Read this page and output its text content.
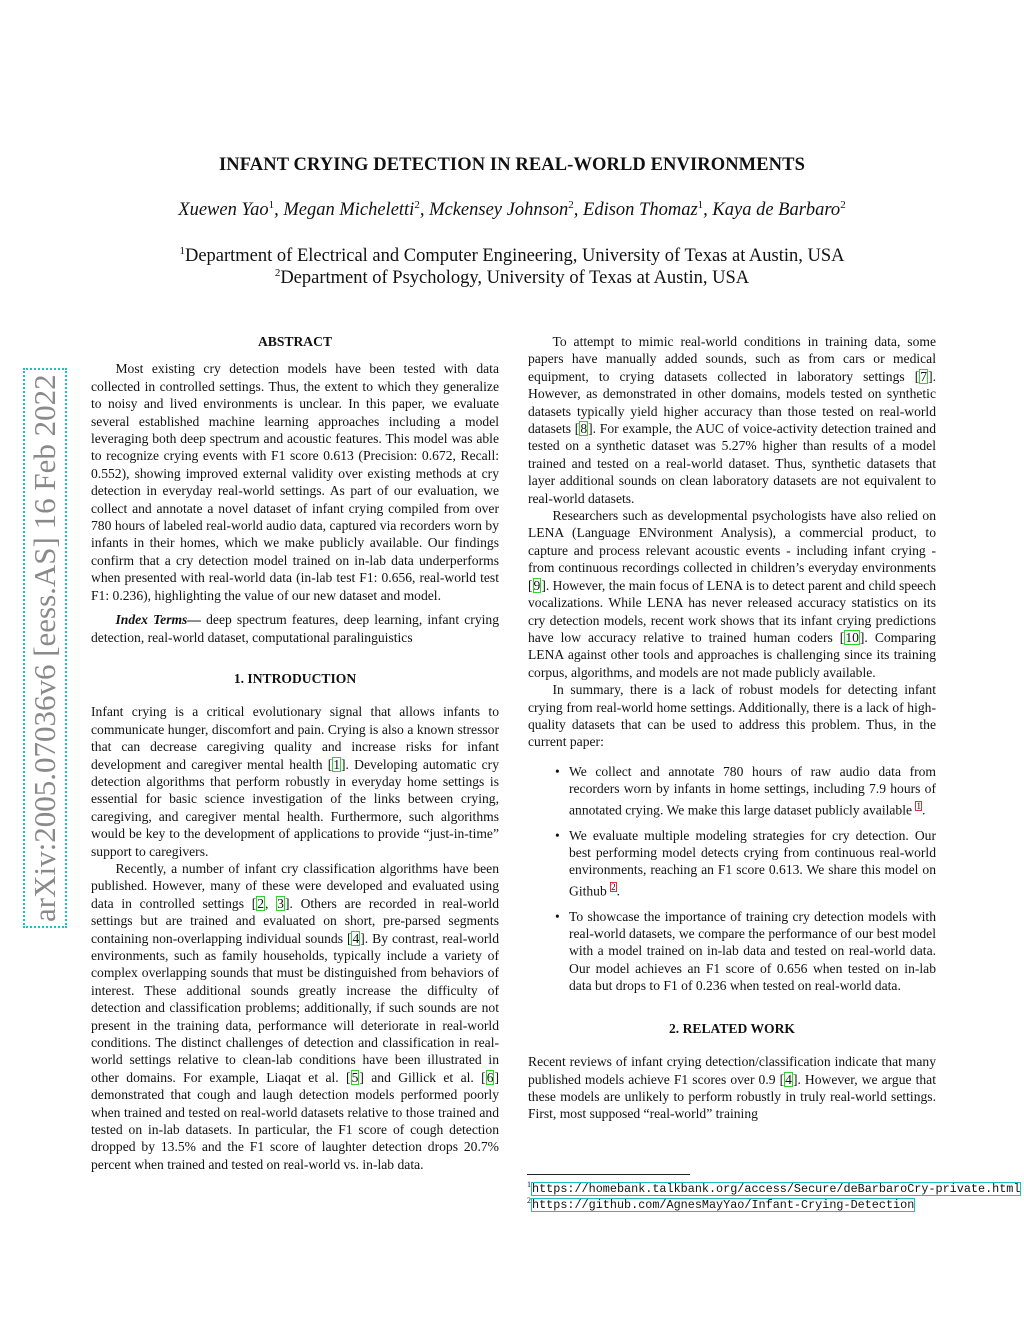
arXiv:2005.07036v6 [eess.AS] 16 Feb 2022
INFANT CRYING DETECTION IN REAL-WORLD ENVIRONMENTS
Xuewen Yao$^1$, Megan Micheletti$^2$, Mckensey Johnson$^2$, Edison Thomaz$^1$, Kaya de Barbaro$^2$
$^1$Department of Electrical and Computer Engineering, University of Texas at Austin, USA
$^2$Department of Psychology, University of Texas at Austin, USA
ABSTRACT

Most existing cry detection models have been tested with data collected in controlled settings. Thus, the extent to which they generalize to noisy and lived environments is unclear. In this paper, we evaluate several established machine learning approaches including a model leveraging both deep spectrum and acoustic features. This model was able to recognize crying events with F1 score 0.613 (Precision: 0.672, Recall: 0.552), showing improved external validity over existing methods at cry detection in everyday real-world settings. As part of our evaluation, we collect and annotate a novel dataset of infant crying compiled from over 780 hours of labeled real-world audio data, captured via recorders worn by infants in their homes, which we make publicly available. Our findings confirm that a cry detection model trained on in-lab data underperforms when presented with real-world data (in-lab test F1: 0.656, real-world test F1: 0.236), highlighting the value of our new dataset and model.

Index Terms— deep spectrum features, deep learning, infant crying detection, real-world dataset, computational paralinguistics

1. INTRODUCTION

Infant crying is a critical evolutionary signal that allows infants to communicate hunger, discomfort and pain. Crying is also a known stressor that can decrease caregiving quality and increase risks for infant development and caregiver mental health [1]. Developing automatic cry detection algorithms that perform robustly in everyday home settings is essential for basic science investigation of the links between crying, caregiving, and caregiver mental health. Furthermore, such algorithms would be key to the development of applications to provide “just-in-time” support to caregivers.

Recently, a number of infant cry classification algorithms have been published. However, many of these were developed and evaluated using data in controlled settings [2, 3]. Others are recorded in real-world settings but are trained and evaluated on short, pre-parsed segments containing non-overlapping individual sounds [4]. By contrast, real-world environments, such as family households, typically include a variety of complex overlapping sounds that must be distinguished from behaviors of interest. These additional sounds greatly increase the difficulty of detection and classification problems; additionally, if such sounds are not present in the training data, performance will deteriorate in real-world conditions. The distinct challenges of detection and classification in real-world settings relative to clean-lab conditions have been illustrated in other domains. For example, Liaqat et al. [5] and Gillick et al. [6] demonstrated that cough and laugh detection models performed poorly when trained and tested on real-world datasets relative to those trained and tested on in-lab datasets. In particular, the F1 score of cough detection dropped by 13.5% and the F1 score of laughter detection drops 20.7% percent when trained and tested on real-world vs. in-lab data.

To attempt to mimic real-world conditions in training data, some papers have manually added sounds, such as from cars or medical equipment, to crying datasets collected in laboratory settings [7]. However, as demonstrated in other domains, models tested on synthetic datasets typically yield higher accuracy than those tested on real-world datasets [8]. For example, the AUC of voice-activity detection trained and tested on a synthetic dataset was 5.27% higher than results of a model trained and tested on a real-world dataset. Thus, synthetic datasets that layer additional sounds on clean laboratory datasets are not equivalent to real-world datasets.

Researchers such as developmental psychologists have also relied on LENA (Language ENvironment Analysis), a commercial product, to capture and process relevant acoustic events - including infant crying - from continuous recordings collected in children’s everyday environments [9]. However, the main focus of LENA is to detect parent and child speech vocalizations. While LENA has never released accuracy statistics on its cry detection models, recent work shows that its infant crying predictions have low accuracy relative to trained human coders [10]. Comparing LENA against other tools and approaches is challenging since its training corpus, algorithms, and models are not made publicly available.

In summary, there is a lack of robust models for detecting infant crying from real-world home settings. Additionally, there is a lack of high-quality datasets that can be used to address this problem. Thus, in the current paper:

• We collect and annotate 780 hours of raw audio data from recorders worn by infants in home settings, including 7.9 hours of annotated crying. We make this large dataset publicly available $^1$.
• We evaluate multiple modeling strategies for cry detection. Our best performing model detects crying from continuous real-world environments, reaching an F1 score 0.613. We share this model on Github $^2$.
• To showcase the importance of training cry detection models with real-world datasets, we compare the performance of our best model with a model trained on in-lab data and tested on real-world data. Our model achieves an F1 score of 0.656 when tested on in-lab data but drops to F1 of 0.236 when tested on real-world data.
2. RELATED WORK

Recent reviews of infant crying detection/classification indicate that many published models achieve F1 scores over 0.9 [4]. However, we argue that these models are unlikely to perform robustly in truly real-world settings. First, most supposed “real-world” training

$^1$https://homebank.talkbank.org/access/Secure/deBarbaroCry-private.html
$^2$https://github.com/AgnesMayYao/Infant-Crying-Detection
